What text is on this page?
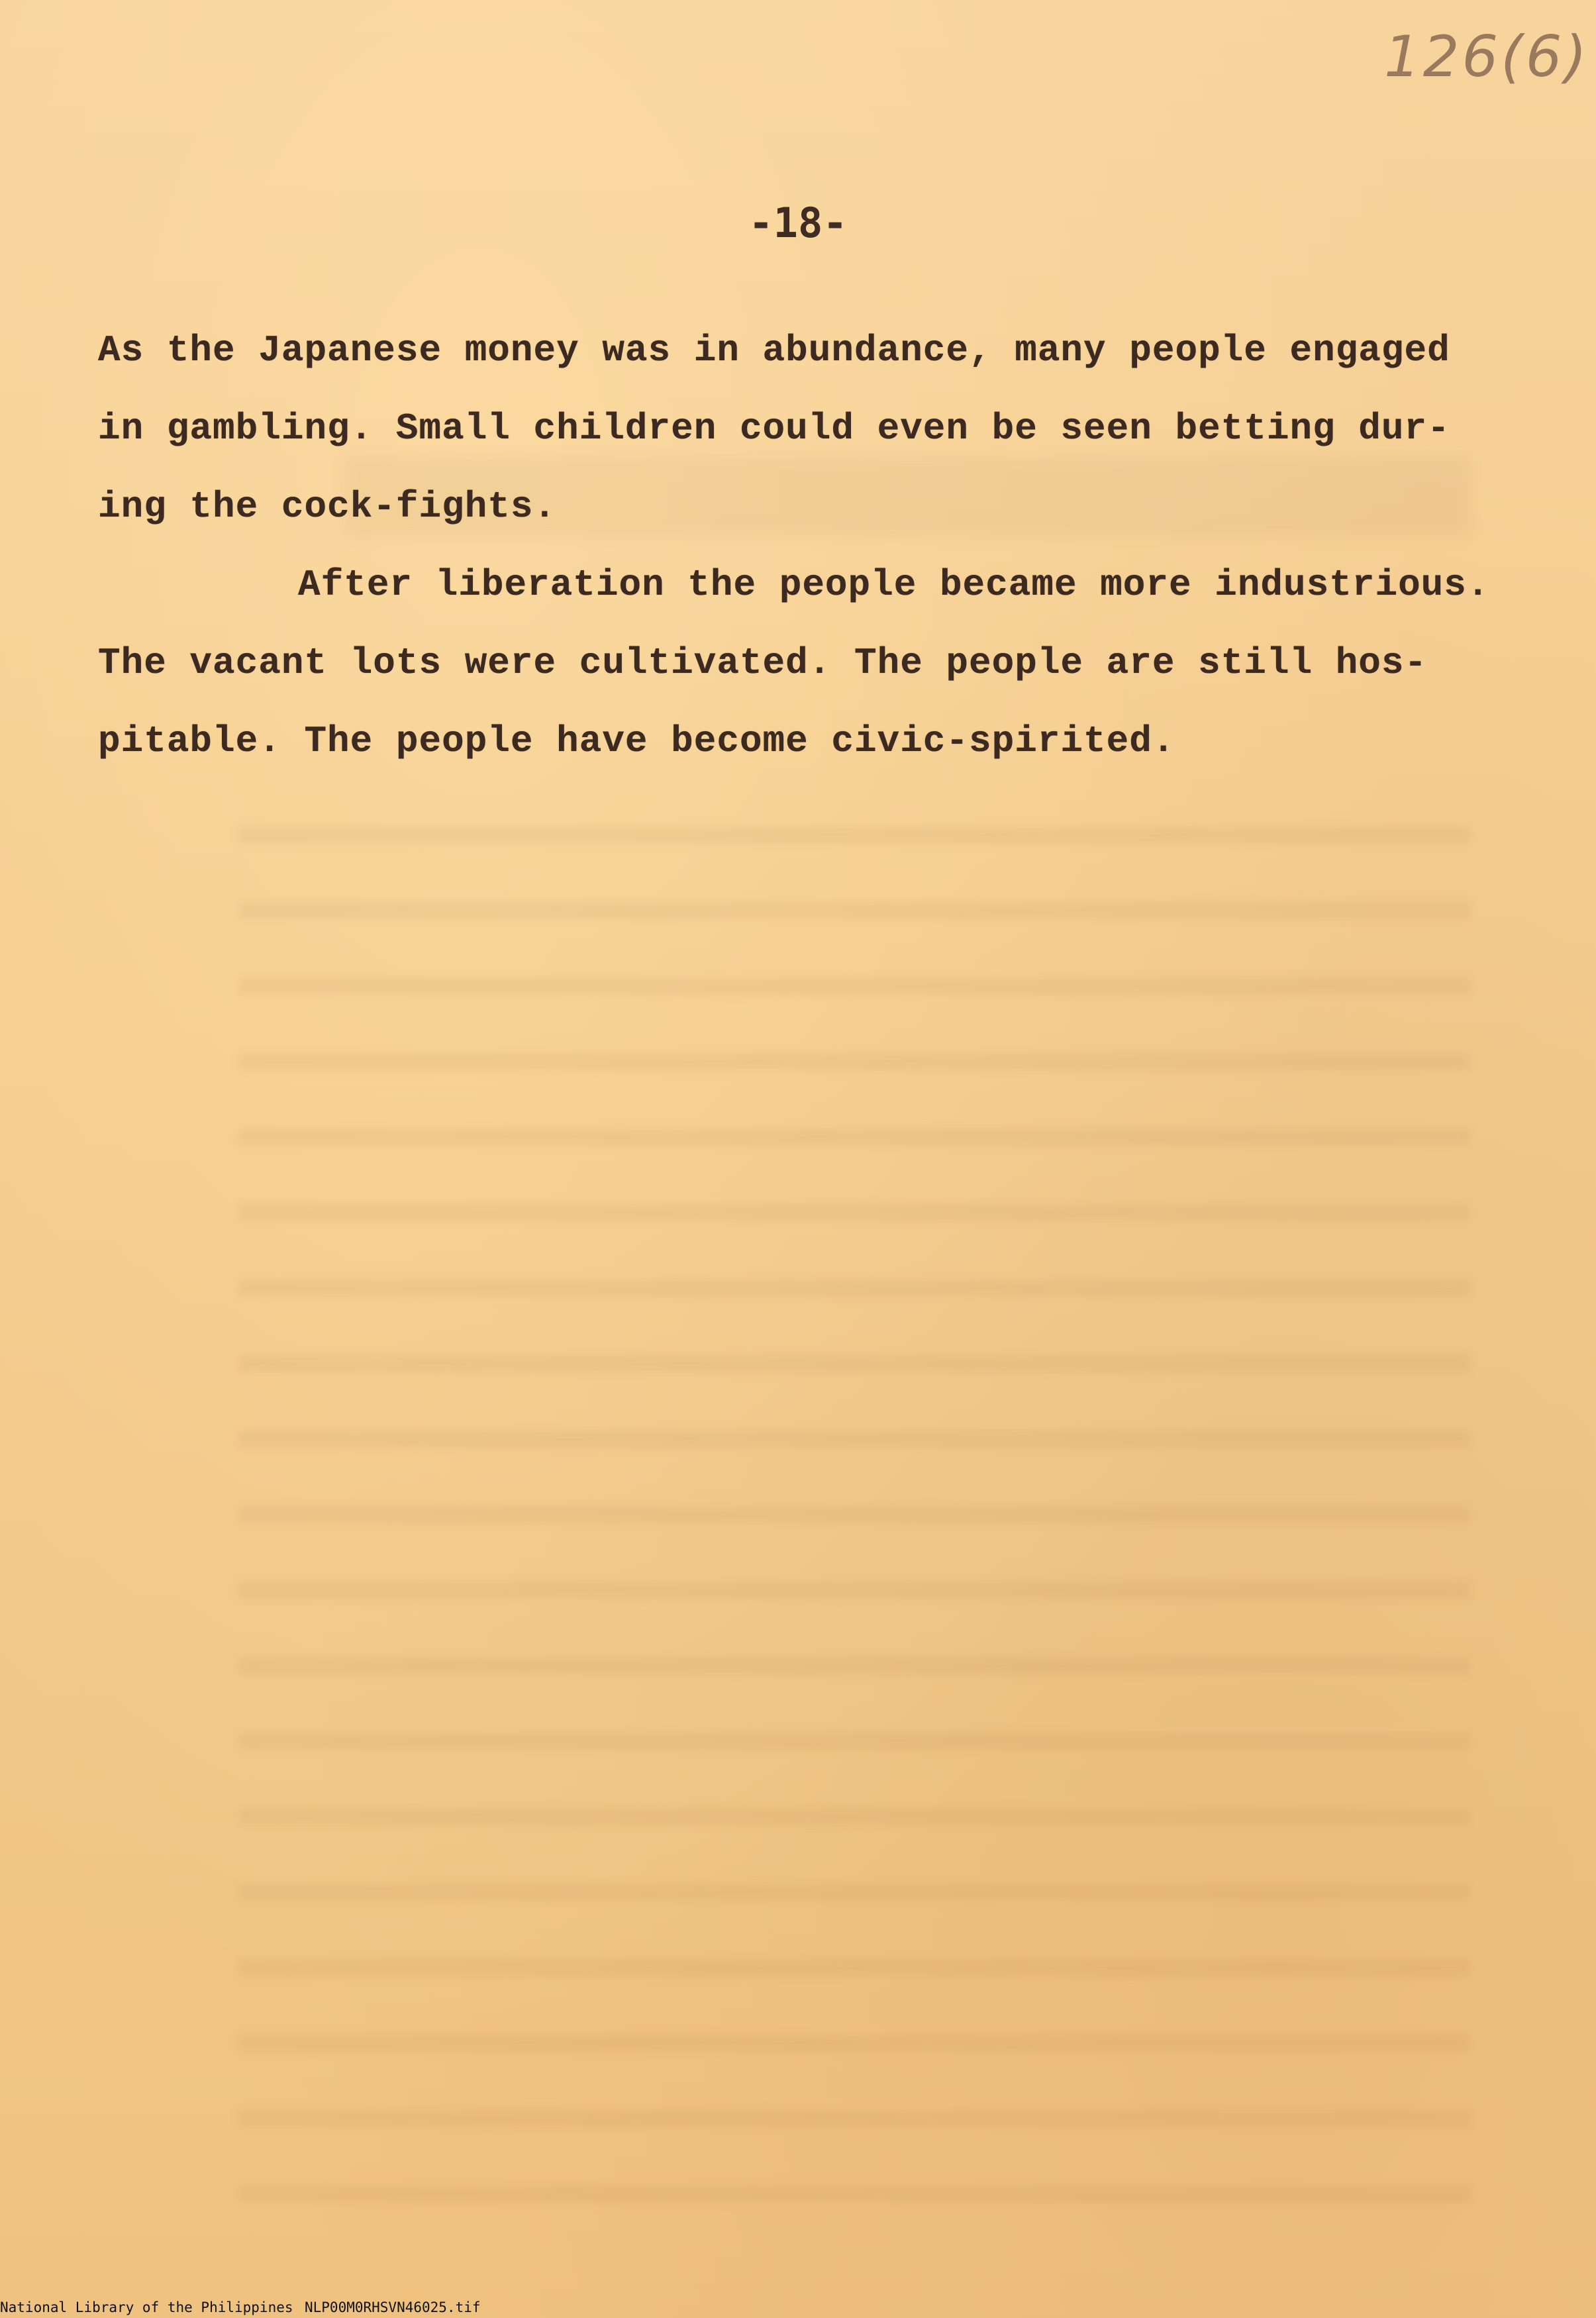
126(6)
-18-
As the Japanese money was in abundance, many people engaged
in gambling. Small children could even be seen betting dur-
ing the cock-fights.
After liberation the people became more industrious.
The vacant lots were cultivated. The people are still hos-
pitable. The people have become civic-spirited.
National Library of the Philippines NLP00M0RHSVN46025.tif
